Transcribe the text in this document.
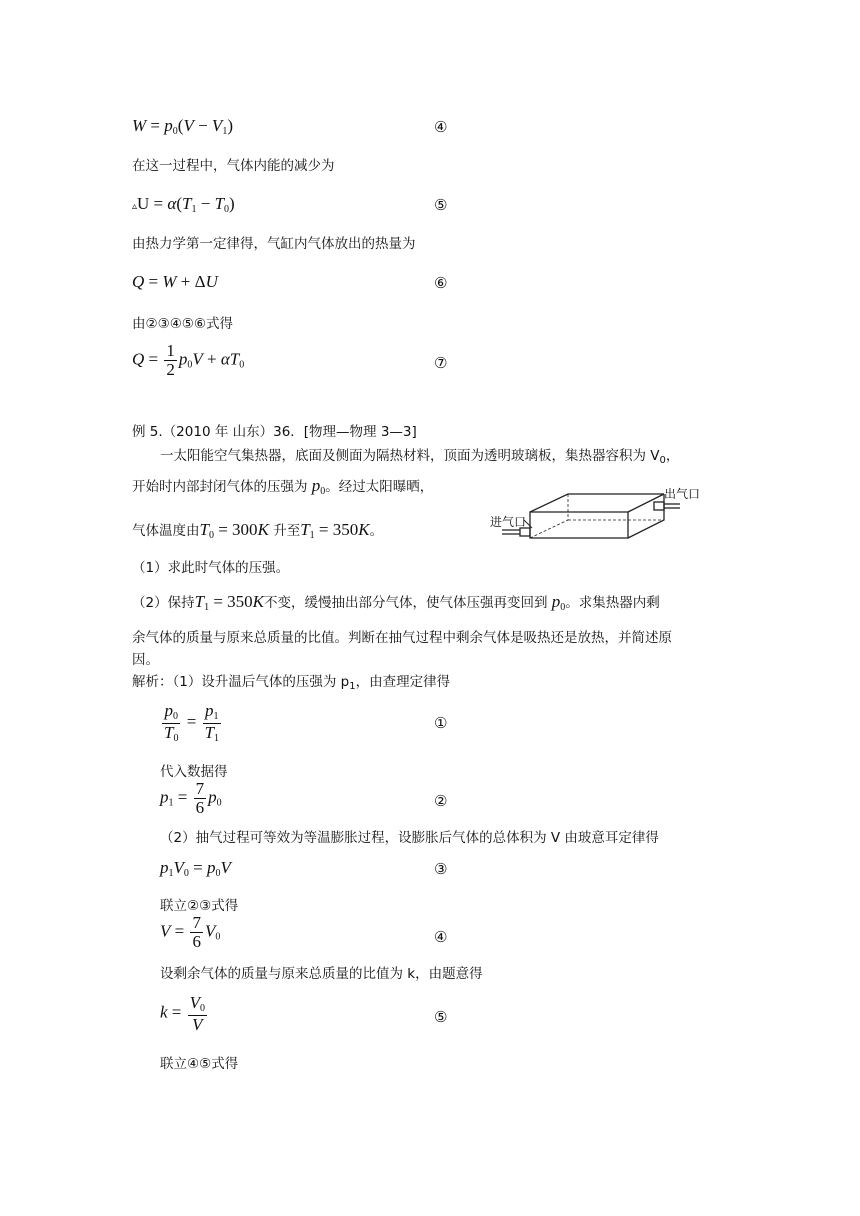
$W = p_0(V - V_1)$	④
在这一过程中，气体内能的减少为
▵U = $\alpha(T_1 - T_0)$	⑤
由热力学第一定律得，气缸内气体放出的热量为
Q = W + ΔU	⑥
由②③④⑤⑥式得
$Q = \frac{1}{2} p_0V + \alpha T_0$	⑦
例 5.（2010 年 山东）36．[物理—物理 3—3]
一太阳能空气集热器，底面及侧面为隔热材料，顶面为透明玻璃板，集热器容积为 $V_0$，
开始时内部封闭气体的压强为 $p_0$。经过太阳曝晒，
气体温度由$T_0 = 300K$ 升至$T_1 = 350K$。
进气口
出气口
（1）求此时气体的压强。
（2）保持$T_1 = 350K$不变，缓慢抽出部分气体，使气体压强再变回到 $p_0$。求集热器内剩
余气体的质量与原来总质量的比值。判断在抽气过程中剩余气体是吸热还是放热，并简述原
因。
解析：（1）设升温后气体的压强为 $p_1$，由查理定律得
$\frac{p_0}{T_0} = \frac{p_1}{T_1}$	①
代入数据得
$p_1 = \frac{7}{6} p_0$	②
（2）抽气过程可等效为等温膨胀过程，设膨胀后气体的总体积为 V 由玻意耳定律得
$p_1V_0 = p_0V$	③
联立②③式得
$V = \frac{7}{6} V_0$	④
设剩余气体的质量与原来总质量的比值为 k，由题意得
$k = \frac{V_0}{V}$	⑤
联立④⑤式得
